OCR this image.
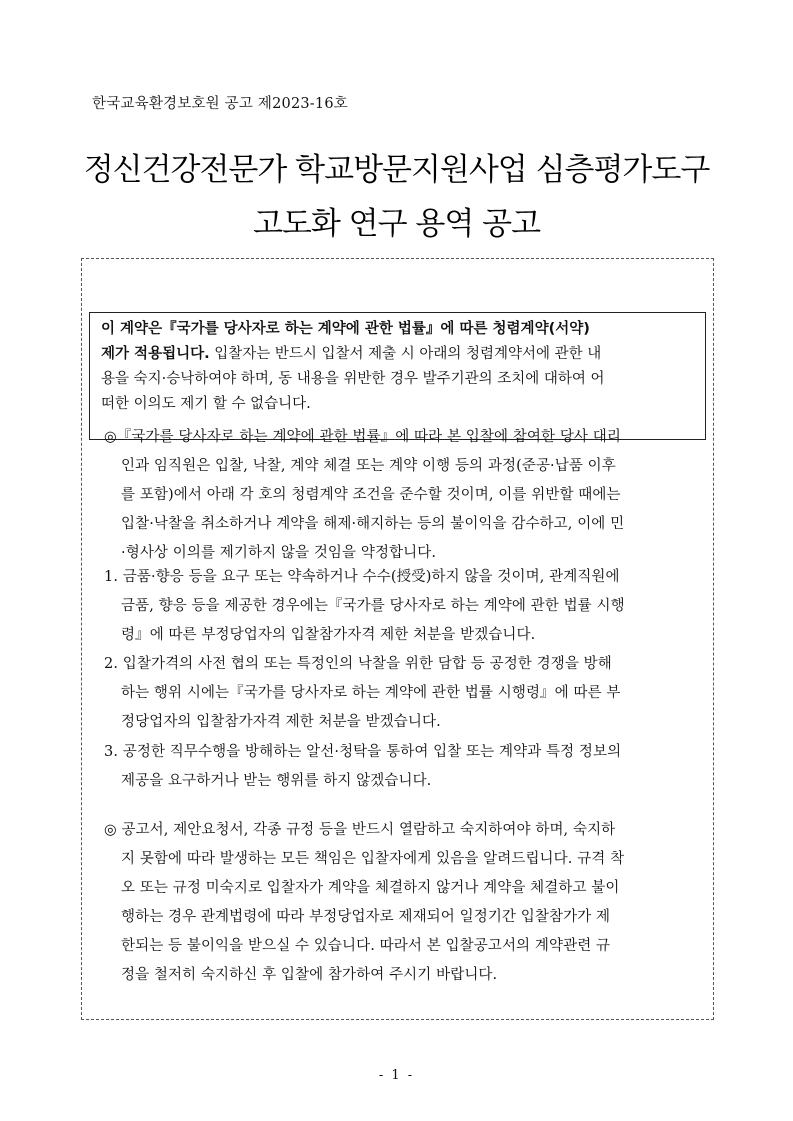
한국교육환경보호원 공고 제2023-16호
정신건강전문가 학교방문지원사업 심층평가도구
고도화 연구 용역 공고
이 계약은『국가를 당사자로 하는 계약에 관한 법률』에 따른 청렴계약(서약)
제가 적용됩니다. 입찰자는 반드시 입찰서 제출 시 아래의 청렴계약서에 관한 내
용을 숙지·승낙하여야 하며, 동 내용을 위반한 경우 발주기관의 조치에 대하여 어
떠한 이의도 제기 할 수 없습니다.
◎『국가를 당사자로 하는 계약에 관한 법률』에 따라 본 입찰에 참여한 당사 대리
인과 임직원은 입찰, 낙찰, 계약 체결 또는 계약 이행 등의 과정(준공·납품 이후
를 포함)에서 아래 각 호의 청렴계약 조건을 준수할 것이며, 이를 위반할 때에는
입찰·낙찰을 취소하거나 계약을 해제·해지하는 등의 불이익을 감수하고, 이에 민
·형사상 이의를 제기하지 않을 것임을 약정합니다.
1. 금품·향응 등을 요구 또는 약속하거나 수수(授受)하지 않을 것이며, 관계직원에
금품, 향응 등을 제공한 경우에는『국가를 당사자로 하는 계약에 관한 법률 시행
령』에 따른 부정당업자의 입찰참가자격 제한 처분을 받겠습니다.
2. 입찰가격의 사전 협의 또는 특정인의 낙찰을 위한 담합 등 공정한 경쟁을 방해
하는 행위 시에는『국가를 당사자로 하는 계약에 관한 법률 시행령』에 따른 부
정당업자의 입찰참가자격 제한 처분을 받겠습니다.
3. 공정한 직무수행을 방해하는 알선·청탁을 통하여 입찰 또는 계약과 특정 정보의
제공을 요구하거나 받는 행위를 하지 않겠습니다.
◎ 공고서, 제안요청서, 각종 규정 등을 반드시 열람하고 숙지하여야 하며, 숙지하
지 못함에 따라 발생하는 모든 책임은 입찰자에게 있음을 알려드립니다. 규격 착
오 또는 규정 미숙지로 입찰자가 계약을 체결하지 않거나 계약을 체결하고 불이
행하는 경우 관계법령에 따라 부정당업자로 제재되어 일정기간 입찰참가가 제
한되는 등 불이익을 받으실 수 있습니다. 따라서 본 입찰공고서의 계약관련 규
정을 철저히 숙지하신 후 입찰에 참가하여 주시기 바랍니다.
- 1 -
